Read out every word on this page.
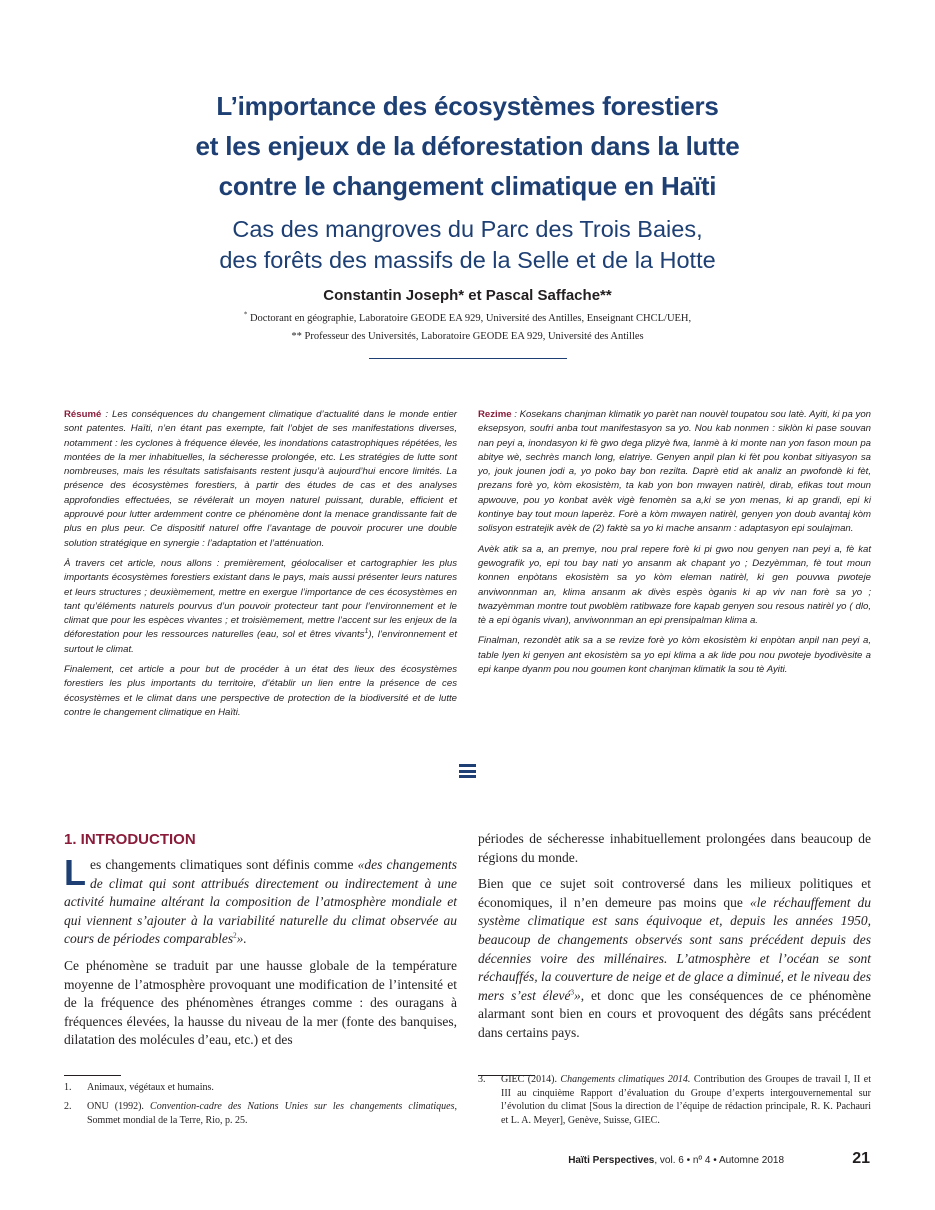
L’importance des écosystèmes forestiers
et les enjeux de la déforestation dans la lutte
contre le changement climatique en Haïti
Cas des mangroves du Parc des Trois Baies,
des forêts des massifs de la Selle et de la Hotte
Constantin Joseph* et Pascal Saffache**
* Doctorant en géographie, Laboratoire GEODE EA 929, Université des Antilles, Enseignant CHCL/UEH,
** Professeur des Universités, Laboratoire GEODE EA 929, Université des Antilles

Résumé : Les conséquences du changement climatique d’actualité dans le monde entier sont patentes. Haïti, n’en étant pas exempte, fait l’objet de ses manifestations diverses, notamment : les cyclones à fréquence élevée, les inondations catastrophiques répétées, les montées de la mer inhabituelles, la sécheresse prolongée, etc. Les stratégies de lutte sont nombreuses, mais les résultats satisfaisants restent jusqu’à aujourd’hui encore limités. La présence des écosystèmes forestiers, à partir des études de cas et des analyses approfondies effectuées, se révélerait un moyen naturel puissant, durable, efficient et approuvé pour lutter ardemment contre ce phénomène dont la menace grandissante fait de plus en plus peur. Ce dispositif naturel offre l’avantage de pouvoir procurer une double solution stratégique en synergie : l’adaptation et l’atténuation.

À travers cet article, nous allons : premièrement, géolocaliser et cartographier les plus importants écosystèmes forestiers existant dans le pays, mais aussi présenter leurs natures et leurs structures ; deuxièmement, mettre en exergue l’importance de ces écosystèmes en tant qu’éléments naturels pourvus d’un pouvoir protecteur tant pour l’environnement et le climat que pour les espèces vivantes ; et troisièmement, mettre l’accent sur les enjeux de la déforestation pour les ressources naturelles (eau, sol et êtres vivants$^1$), l’environnement et surtout le climat.

Finalement, cet article a pour but de procéder à un état des lieux des écosystèmes forestiers les plus importants du territoire, d’établir un lien entre la présence de ces écosystèmes et le climat dans une perspective de protection de la biodiversité et de lutte contre le changement climatique en Haïti.

Rezime : Kosekans chanjman klimatik yo parèt nan nouvèl toupatou sou latè. Ayiti, ki pa yon eksepsyon, soufri anba tout manifestasyon sa yo. Nou kab nonmen : siklòn ki pase souvan nan peyi a, inondasyon ki fè gwo dega plizyè fwa, lanmè à ki monte nan yon fason moun pa abitye wè, sechrès manch long, elatriye. Genyen anpil plan ki fèt pou konbat sitiyasyon sa yo, jouk jounen jodi a, yo poko bay bon rezilta. Daprè etid ak analiz an pwofondè ki fèt, prezans forè yo, kòm ekosistèm, ta kab yon bon mwayen natirèl, dirab, efikas tout moun apwouve, pou yo konbat avèk vigè fenomèn sa a,ki se yon menas, ki ap grandi, epi ki kontinye bay tout moun laperèz. Forè a kòm mwayen natirèl, genyen yon doub avantaj kòm solisyon estratejik avèk de (2) faktè sa yo ki mache ansanm : adaptasyon epi soulajman.

Avèk atik sa a, an premye, nou pral repere forè ki pi gwo nou genyen nan peyi a, fè kat gewografik yo, epi tou bay nati yo ansanm ak chapant yo ; Dezyèmman, fè tout moun konnen enpòtans ekosistèm sa yo kòm eleman natirèl, ki gen pouvwa pwoteje anviwonnman an, klima ansanm ak divès espès òganis ki ap viv nan forè sa yo ; twazyèmman montre tout pwoblèm ratibwaze fore kapab genyen sou resous natirèl yo ( dlo, tè a epi òganis vivan), anviwonnman an epi prensipalman klima a.

Finalman, rezondèt atik sa a se revize forè yo kòm ekosistèm ki enpòtan anpil nan peyi a, table lyen ki genyen ant ekosistèm sa yo epi klima a ak lide pou nou pwoteje byodivèsite a epi kanpe dyanm pou nou goumen kont chanjman klimatik la sou tè Ayiti.

1. INTRODUCTION

Les changements climatiques sont définis comme «des changements de climat qui sont attribués directement ou indirectement à une activité humaine altérant la composition de l’atmosphère mondiale et qui viennent s’ajouter à la variabilité naturelle du climat observée au cours de périodes comparables$^2$».

Ce phénomène se traduit par une hausse globale de la température moyenne de l’atmosphère provoquant une modification de l’intensité et de la fréquence des phénomènes étranges comme : des ouragans à fréquences élevées, la hausse du niveau de la mer (fonte des banquises, dilatation des molécules d’eau, etc.) et des

périodes de sécheresse inhabituellement prolongées dans beaucoup de régions du monde.

Bien que ce sujet soit controversé dans les milieux politiques et économiques, il n’en demeure pas moins que «le réchauffement du système climatique est sans équivoque et, depuis les années 1950, beaucoup de changements observés sont sans précédent depuis des décennies voire des millénaires. L’atmosphère et l’océan se sont réchauffés, la couverture de neige et de glace a diminué, et le niveau des mers s’est élevé$^3$», et donc que les conséquences de ce phénomène alarmant sont bien en cours et provoquent des dégâts sans précédent dans certains pays.

1. Animaux, végétaux et humains.
2. ONU (1992). Convention-cadre des Nations Unies sur les changements climatiques, Sommet mondial de la Terre, Rio, p. 25.
3. GIEC (2014). Changements climatiques 2014. Contribution des Groupes de travail I, II et III au cinquième Rapport d’évaluation du Groupe d’experts intergouvernemental sur l’évolution du climat [Sous la direction de l’équipe de rédaction principale, R. K. Pachauri et L. A. Meyer], Genève, Suisse, GIEC.
Haïti Perspectives, vol. 6 • nº 4 • Automne 2018	21
